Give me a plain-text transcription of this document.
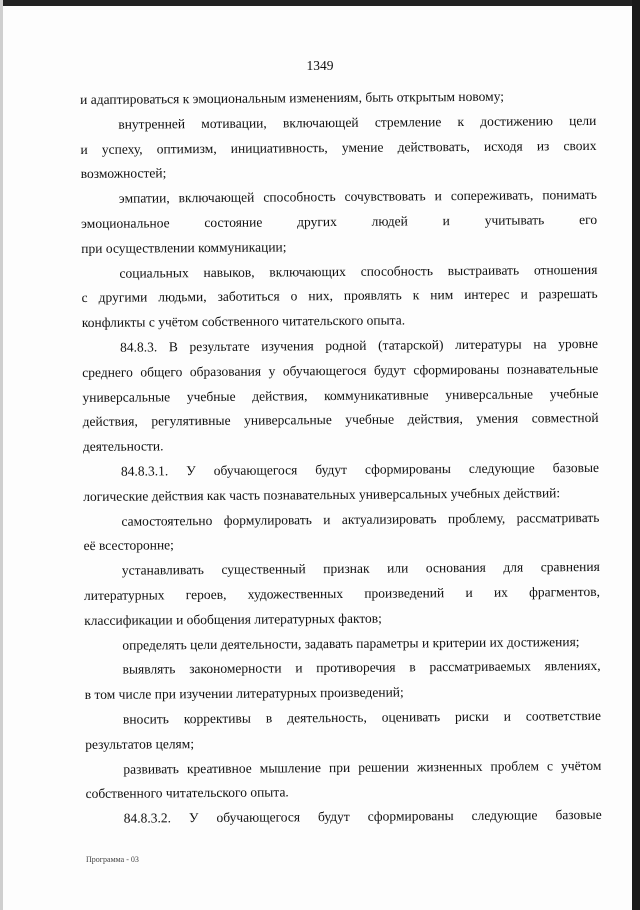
1349
и адаптироваться к эмоциональным изменениям, быть открытым новому;
внутренней мотивации, включающей стремление к достижению цели
и успеху, оптимизм, инициативность, умение действовать, исходя из своих
возможностей;
эмпатии, включающей способность сочувствовать и сопереживать, понимать
эмоциональное состояние других людей и учитывать его
при осуществлении коммуникации;
социальных навыков, включающих способность выстраивать отношения
с другими людьми, заботиться о них, проявлять к ним интерес и разрешать
конфликты с учётом собственного читательского опыта.
84.8.3. В результате изучения родной (татарской) литературы на уровне
среднего общего образования у обучающегося будут сформированы познавательные
универсальные учебные действия, коммуникативные универсальные учебные
действия, регулятивные универсальные учебные действия, умения совместной
деятельности.
84.8.3.1. У обучающегося будут сформированы следующие базовые
логические действия как часть познавательных универсальных учебных действий:
самостоятельно формулировать и актуализировать проблему, рассматривать
её всесторонне;
устанавливать существенный признак или основания для сравнения
литературных героев, художественных произведений и их фрагментов,
классификации и обобщения литературных фактов;
определять цели деятельности, задавать параметры и критерии их достижения;
выявлять закономерности и противоречия в рассматриваемых явлениях,
в том числе при изучении литературных произведений;
вносить коррективы в деятельность, оценивать риски и соответствие
результатов целям;
развивать креативное мышление при решении жизненных проблем с учётом
собственного читательского опыта.
84.8.3.2. У обучающегося будут сформированы следующие базовые
Программа - 03
